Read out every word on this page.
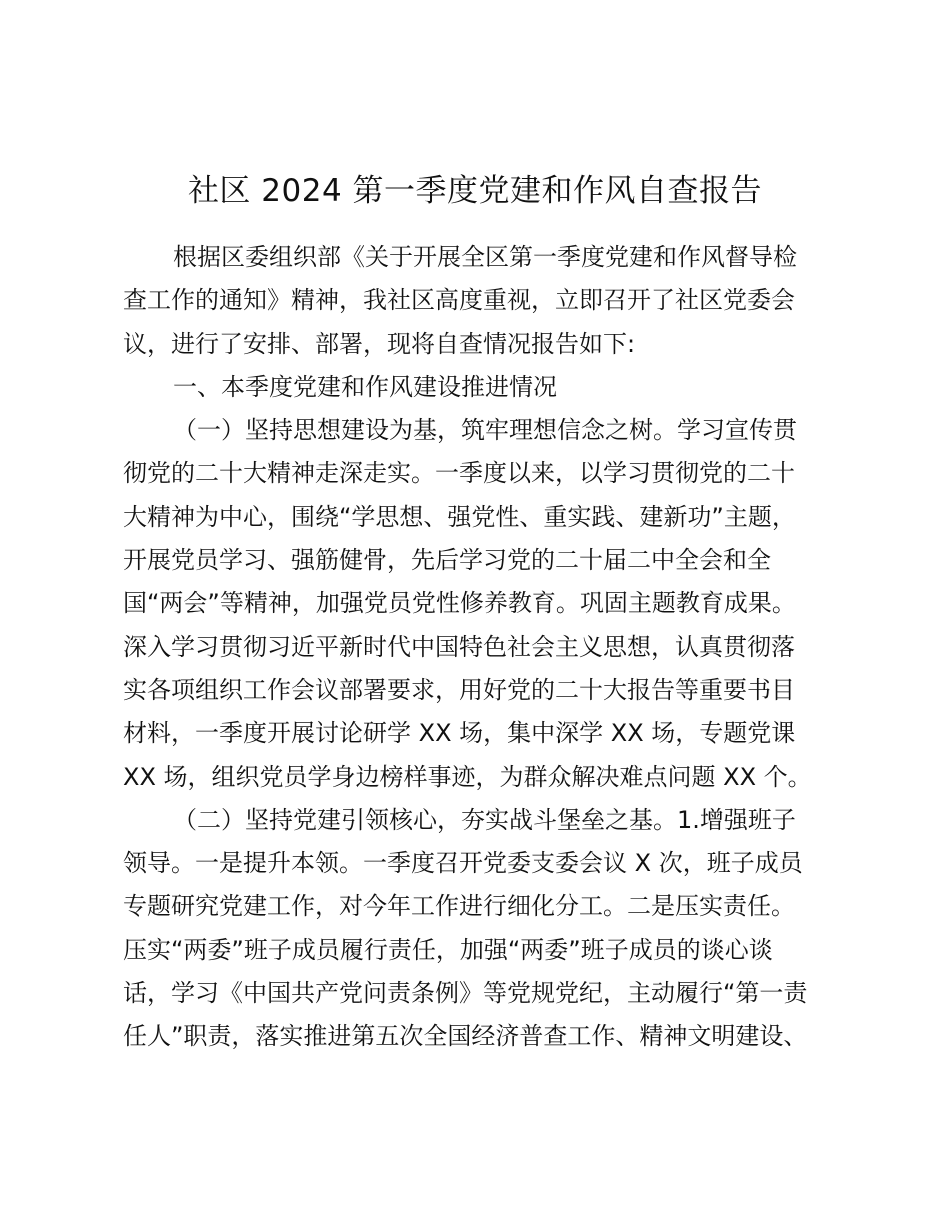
社区 2024 第一季度党建和作风自查报告
根据区委组织部《关于开展全区第一季度党建和作风督导检
查工作的通知》精神，我社区高度重视，立即召开了社区党委会
议，进行了安排、部署，现将自查情况报告如下:
一、本季度党建和作风建设推进情况
（一）坚持思想建设为基，筑牢理想信念之树。学习宣传贯
彻党的二十大精神走深走实。一季度以来，以学习贯彻党的二十
大精神为中心，围绕“学思想、强党性、重实践、建新功”主题，
开展党员学习、强筋健骨，先后学习党的二十届二中全会和全
国“两会”等精神，加强党员党性修养教育。巩固主题教育成果。
深入学习贯彻习近平新时代中国特色社会主义思想，认真贯彻落
实各项组织工作会议部署要求，用好党的二十大报告等重要书目
材料，一季度开展讨论研学 XX 场，集中深学 XX 场，专题党课
XX 场，组织党员学身边榜样事迹，为群众解决难点问题 XX 个。
（二）坚持党建引领核心，夯实战斗堡垒之基。1.增强班子
领导。一是提升本领。一季度召开党委支委会议 X 次，班子成员
专题研究党建工作，对今年工作进行细化分工。二是压实责任。
压实“两委”班子成员履行责任，加强“两委”班子成员的谈心谈
话，学习《中国共产党问责条例》等党规党纪，主动履行“第一责
任人”职责，落实推进第五次全国经济普查工作、精神文明建设、
